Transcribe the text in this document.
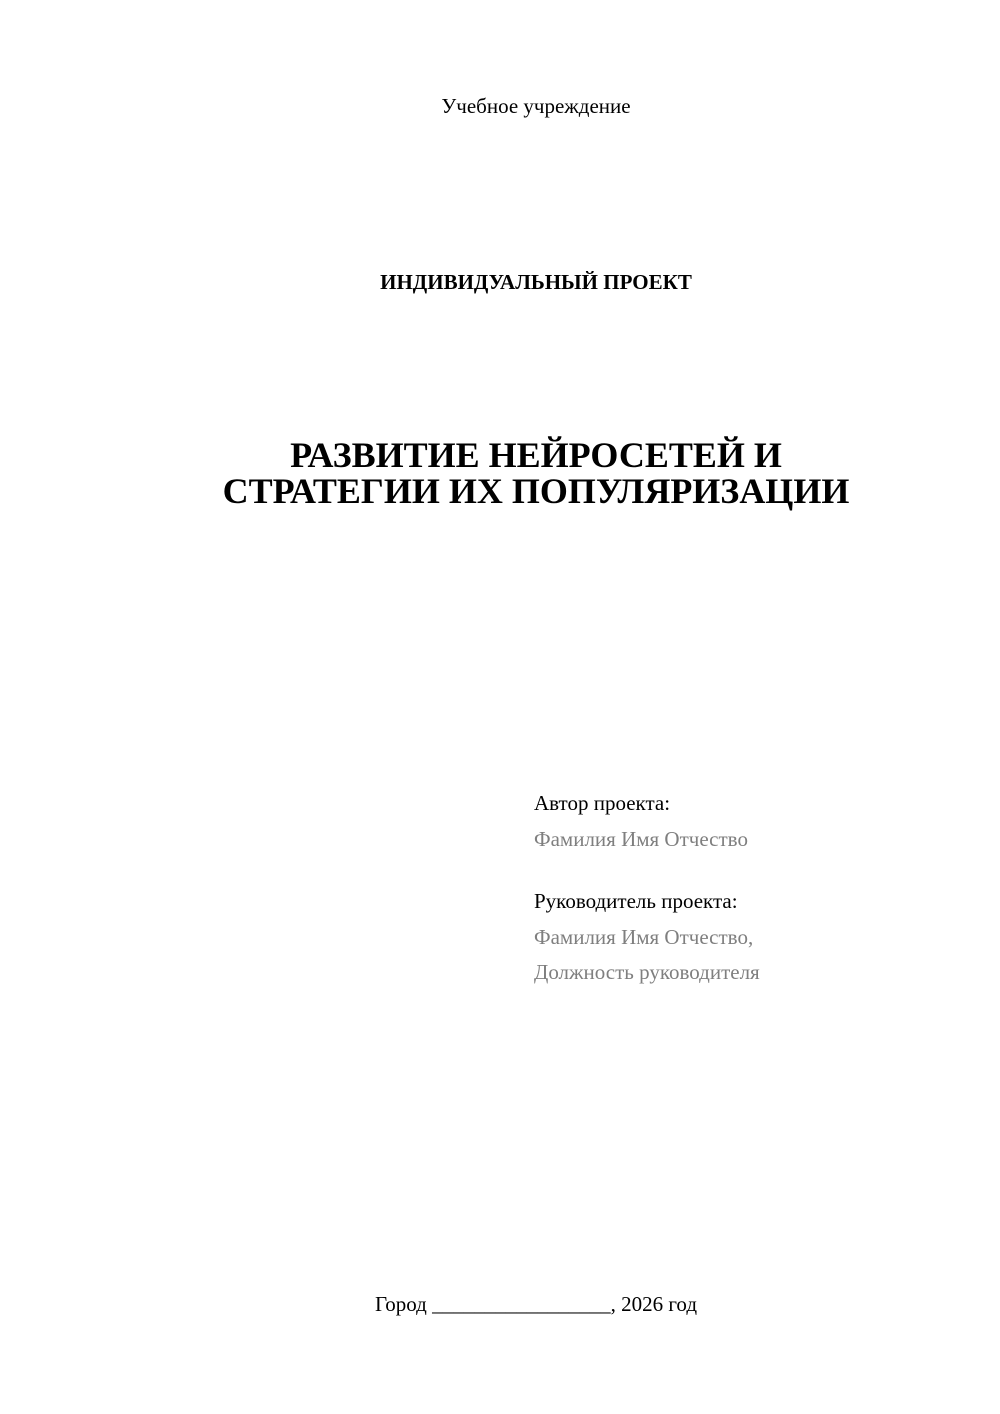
Учебное учреждение
ИНДИВИДУАЛЬНЫЙ ПРОЕКТ
РАЗВИТИЕ НЕЙРОСЕТЕЙ И
СТРАТЕГИИ ИХ ПОПУЛЯРИЗАЦИИ
Автор проекта:
Фамилия Имя Отчество
Руководитель проекта:
Фамилия Имя Отчество,
Должность руководителя
Город _________________, 2026 год
